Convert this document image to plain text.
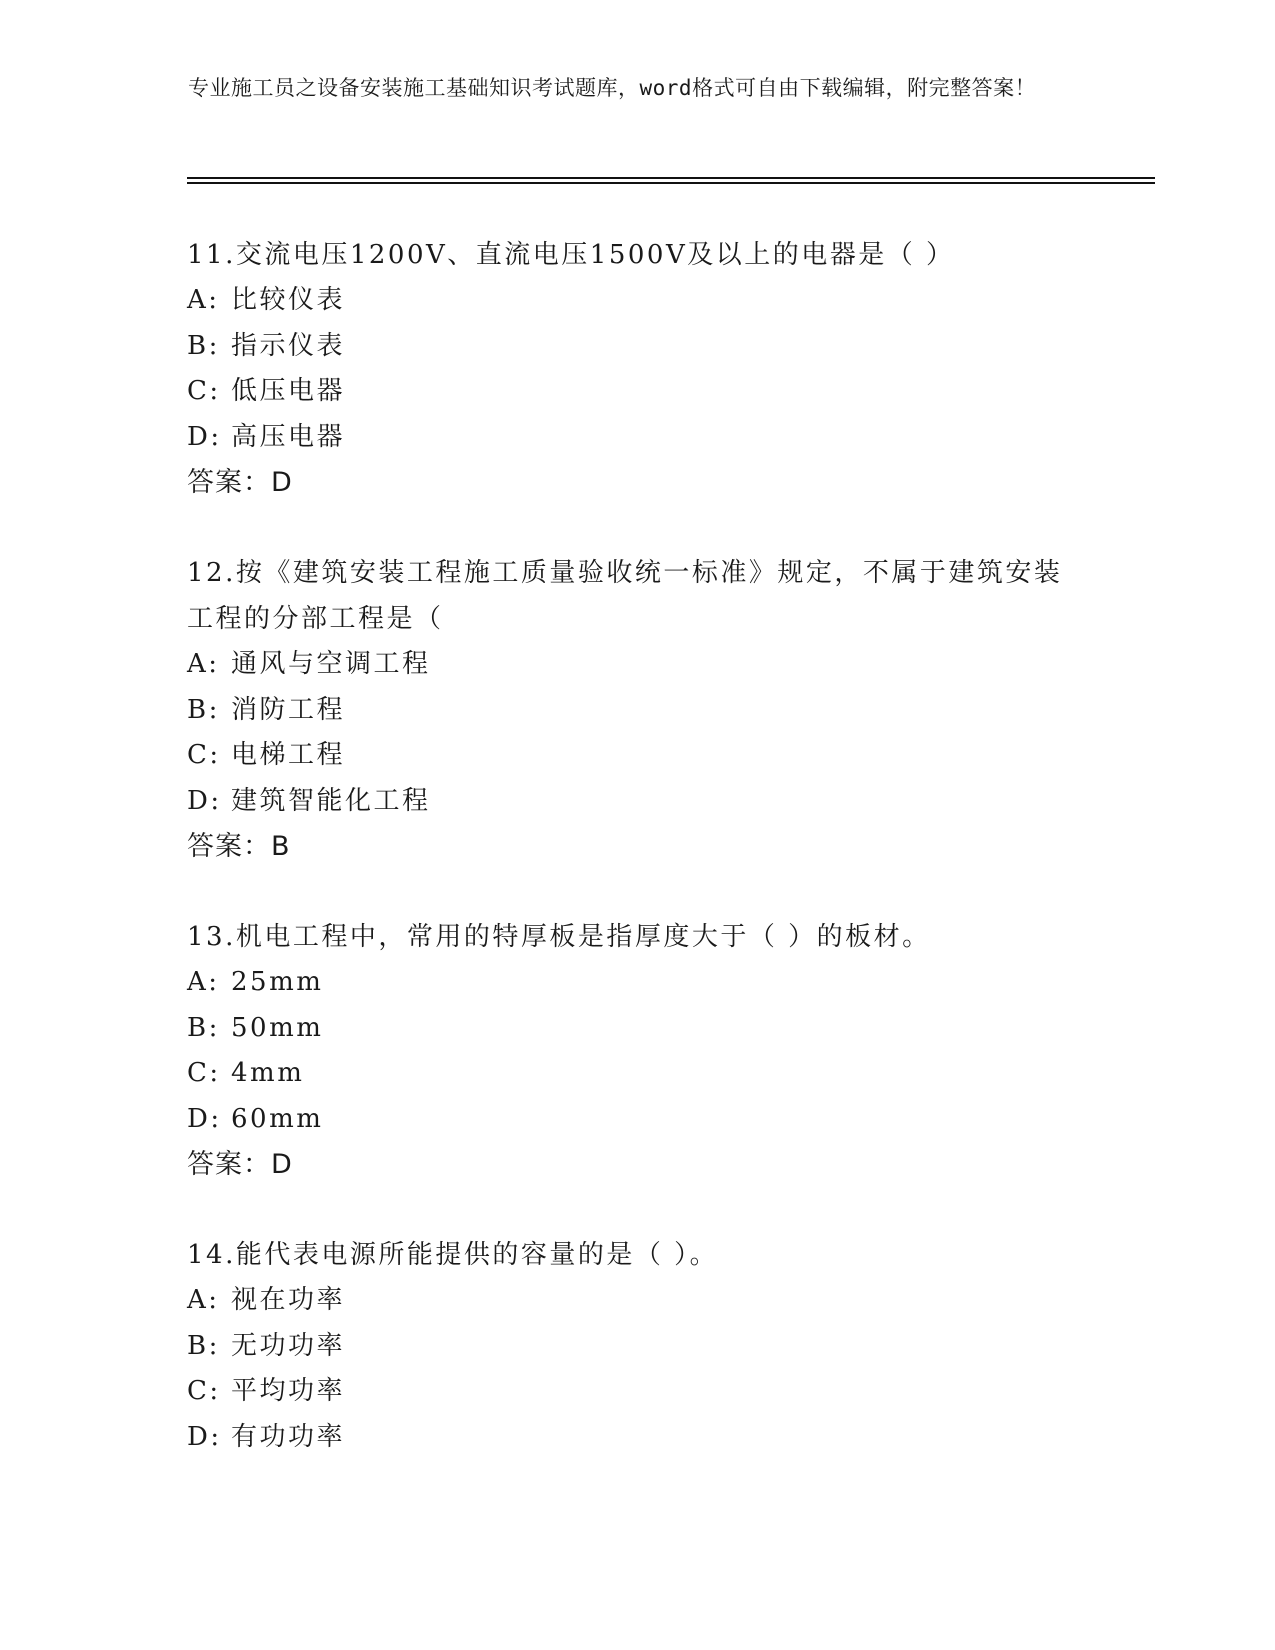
专业施工员之设备安装施工基础知识考试题库，word格式可自由下载编辑，附完整答案！

11.交流电压1200V、直流电压1500V及以上的电器是（ ）

A: 比较仪表

B: 指示仪表

C: 低压电器

D: 高压电器

答案：D

12.按《建筑安装工程施工质量验收统一标准》规定，不属于建筑安装工程的分部工程是（

A: 通风与空调工程

B: 消防工程

C: 电梯工程

D: 建筑智能化工程

答案：B

13.机电工程中，常用的特厚板是指厚度大于（ ）的板材。

A: 25mm

B: 50mm

C: 4mm

D: 60mm

答案：D

14.能代表电源所能提供的容量的是（ ）。

A: 视在功率

B: 无功功率

C: 平均功率

D: 有功功率
